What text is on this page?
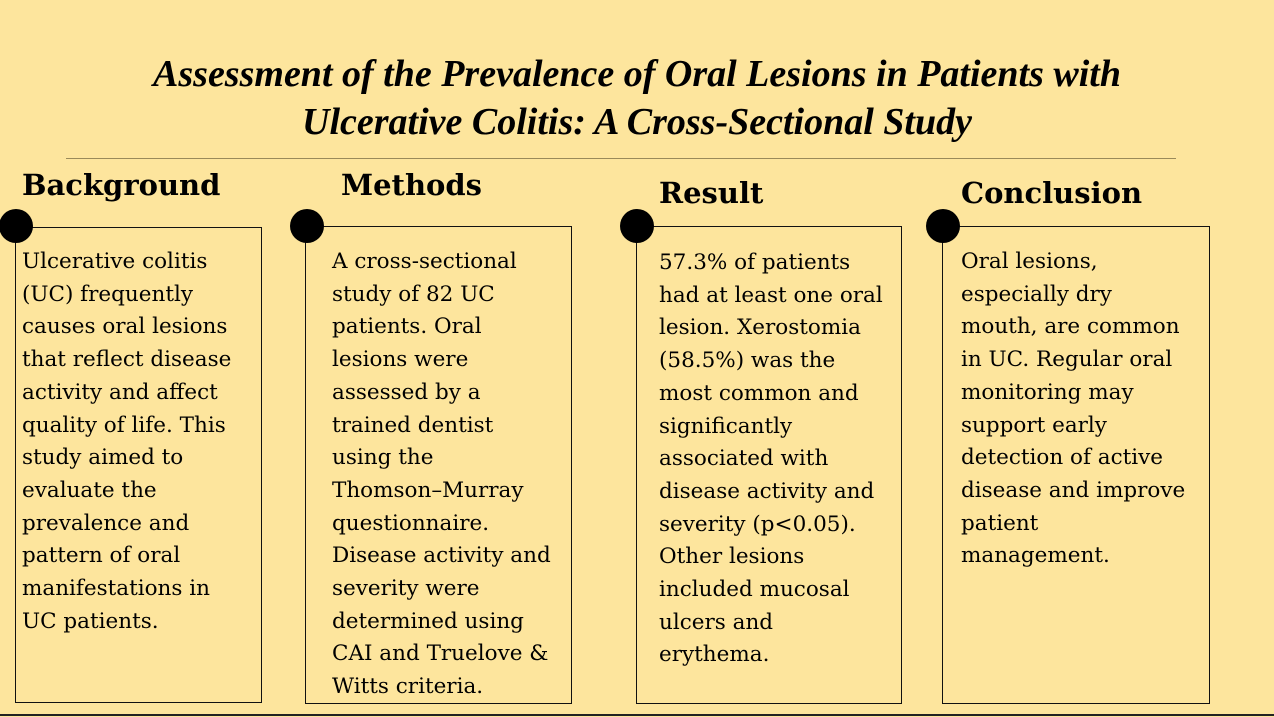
Assessment of the Prevalence of Oral Lesions in Patients with
Ulcerative Colitis: A Cross-Sectional Study
Background
Ulcerative colitis
(UC) frequently
causes oral lesions
that reflect disease
activity and affect
quality of life. This
study aimed to
evaluate the
prevalence and
pattern of oral
manifestations in
UC patients.
Methods
A cross-sectional
study of 82 UC
patients. Oral
lesions were
assessed by a
trained dentist
using the
Thomson–Murray
questionnaire.
Disease activity and
severity were
determined using
CAI and Truelove &
Witts criteria.
Result
57.3% of patients
had at least one oral
lesion. Xerostomia
(58.5%) was the
most common and
significantly
associated with
disease activity and
severity (p<0.05).
Other lesions
included mucosal
ulcers and
erythema.
Conclusion
Oral lesions,
especially dry
mouth, are common
in UC. Regular oral
monitoring may
support early
detection of active
disease and improve
patient
management.
